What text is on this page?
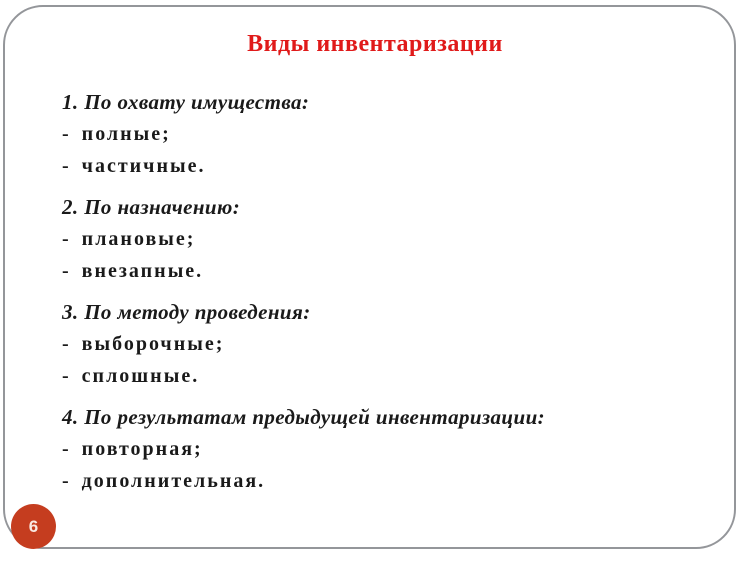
Виды инвентаризации
1. По охвату имущества:
- полные;
- частичные.
2. По назначению:
- плановые;
- внезапные.
3. По методу проведения:
- выборочные;
- сплошные.
4. По результатам предыдущей инвентаризации:
- повторная;
- дополнительная.
6
